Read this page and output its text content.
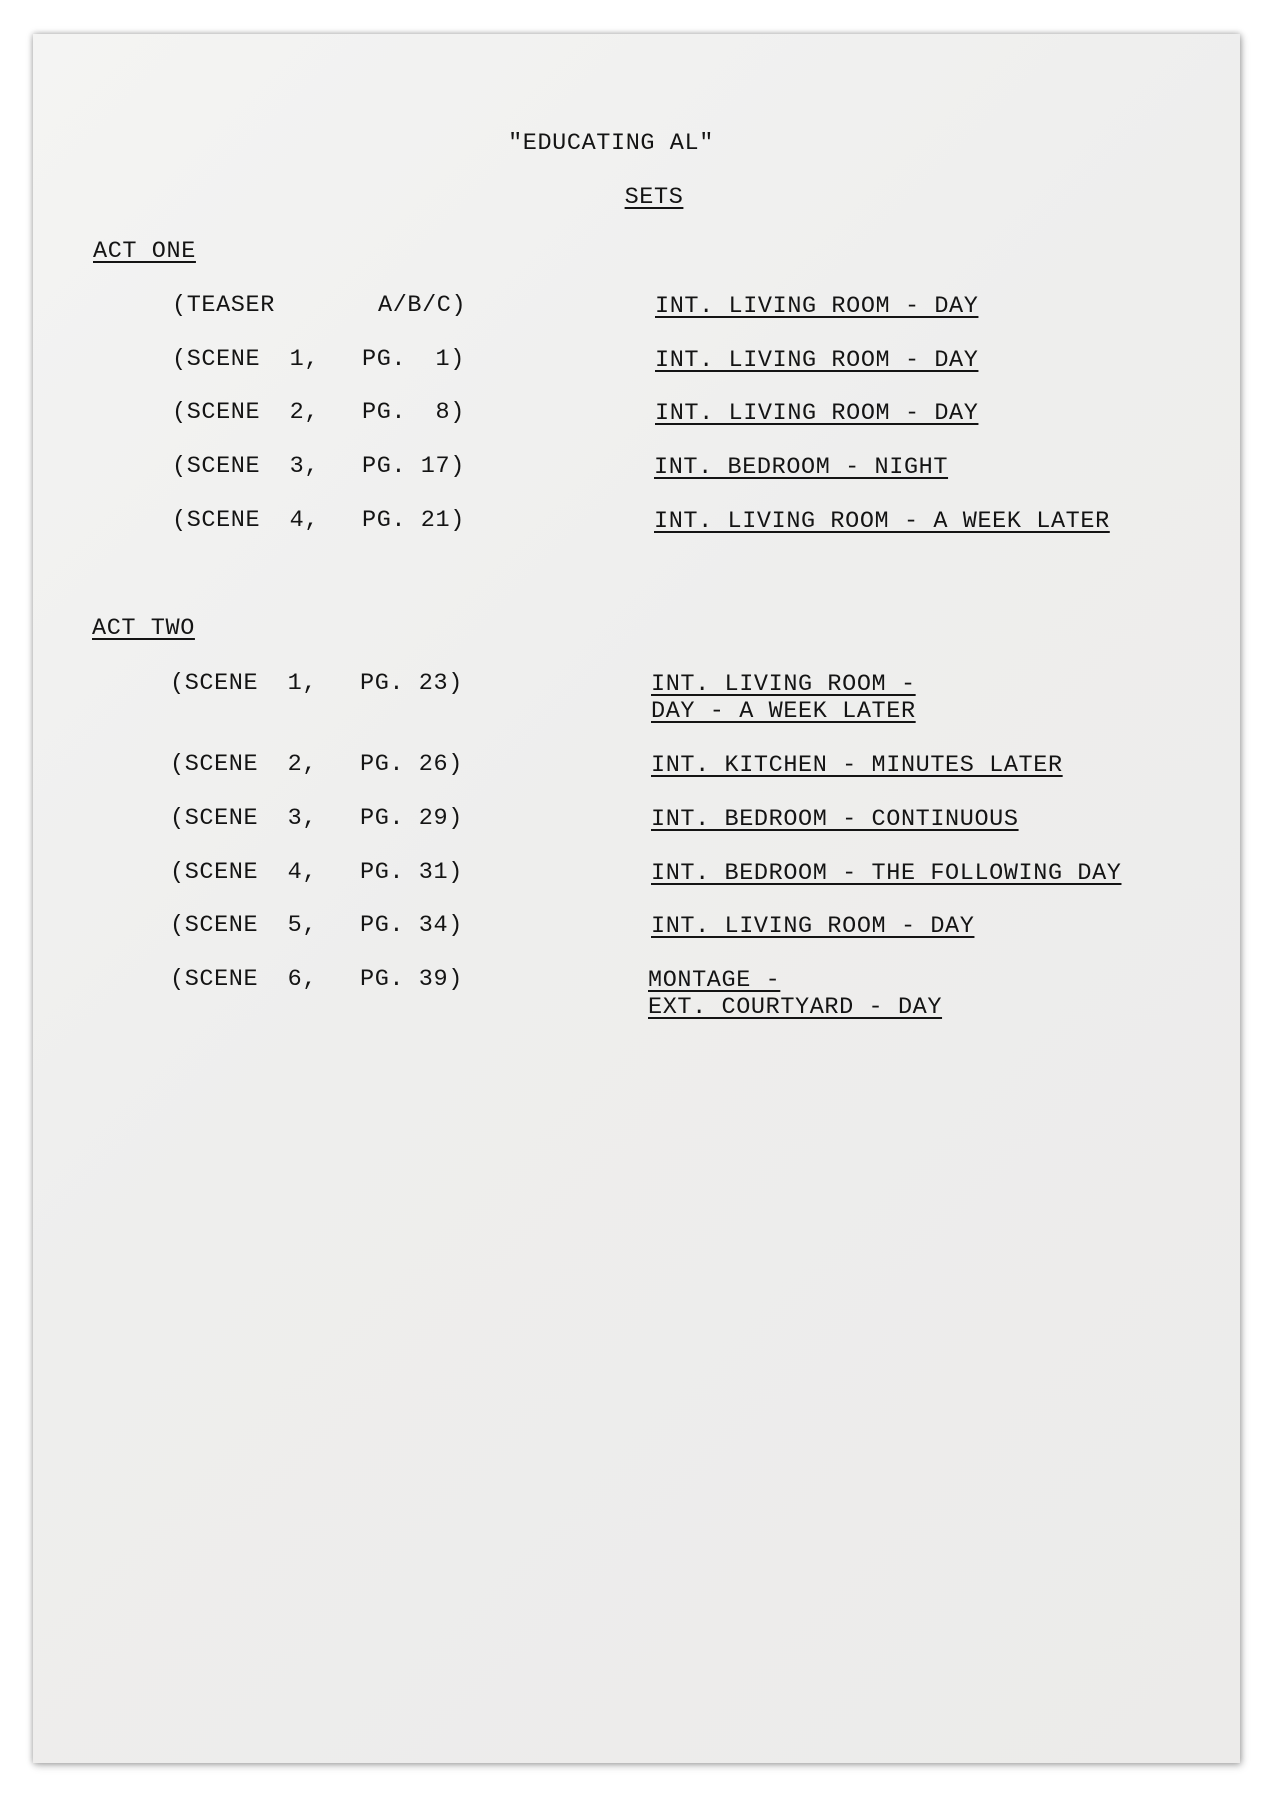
"EDUCATING AL"
SETS
ACT ONE
(TEASER	A/B/C)	INT. LIVING ROOM - DAY
(SCENE  1, PG.  1)	INT. LIVING ROOM - DAY
(SCENE  2, PG.  8)	INT. LIVING ROOM - DAY
(SCENE  3, PG. 17)	INT. BEDROOM - NIGHT
(SCENE  4, PG. 21)	INT. LIVING ROOM - A WEEK LATER
ACT TWO
(SCENE  1, PG. 23)	INT. LIVING ROOM -
DAY - A WEEK LATER
(SCENE  2, PG. 26)	INT. KITCHEN - MINUTES LATER
(SCENE  3, PG. 29)	INT. BEDROOM - CONTINUOUS
(SCENE  4, PG. 31)	INT. BEDROOM - THE FOLLOWING DAY
(SCENE  5, PG. 34)	INT. LIVING ROOM - DAY
(SCENE  6, PG. 39)	MONTAGE -
EXT. COURTYARD - DAY
